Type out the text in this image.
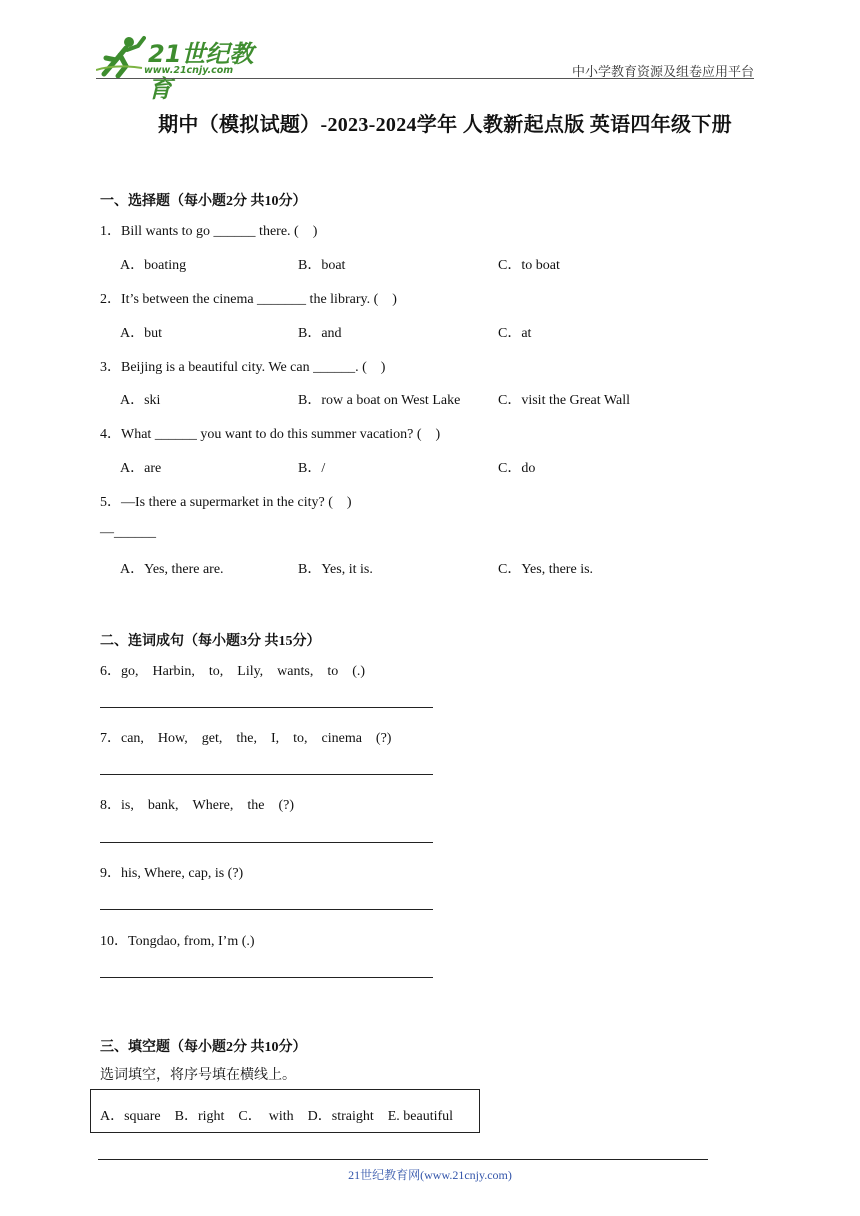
21世纪教育
www.21cnjy.com	中小学教育资源及组卷应用平台
期中（模拟试题）-2023-2024学年 人教新起点版 英语四年级下册
一、选择题（每小题2分 共10分）
1．Bill wants to go ______ there. (　)
A．boating	B．boat	C．to boat
2．It’s between the cinema _______ the library. (　)
A．but	B．and	C．at
3．Beijing is a beautiful city. We can ______. (　)
A．ski	B．row a boat on West Lake	C．visit the Great Wall
4．What ______ you want to do this summer vacation? (　)
A．are	B．/	C．do
5．—Is there a supermarket in the city? (　)
—______
A．Yes, there are.	B．Yes, it is.	C．Yes, there is.
二、连词成句（每小题3分 共15分）
6．go,　Harbin,　to,　Lily,　wants,　to　(.)
7．can,　How,　get,　the,　I,　to,　cinema　(?)
8．is,　bank,　Where,　the　(?)
9．his, Where, cap, is (?)
10．Tongdao, from, I’m (.)
三、填空题（每小题2分 共10分）
选词填空，将序号填在横线上。
A．square　B．right　C．　with　D．straight　E. beautiful
21世纪教育网(www.21cnjy.com)
